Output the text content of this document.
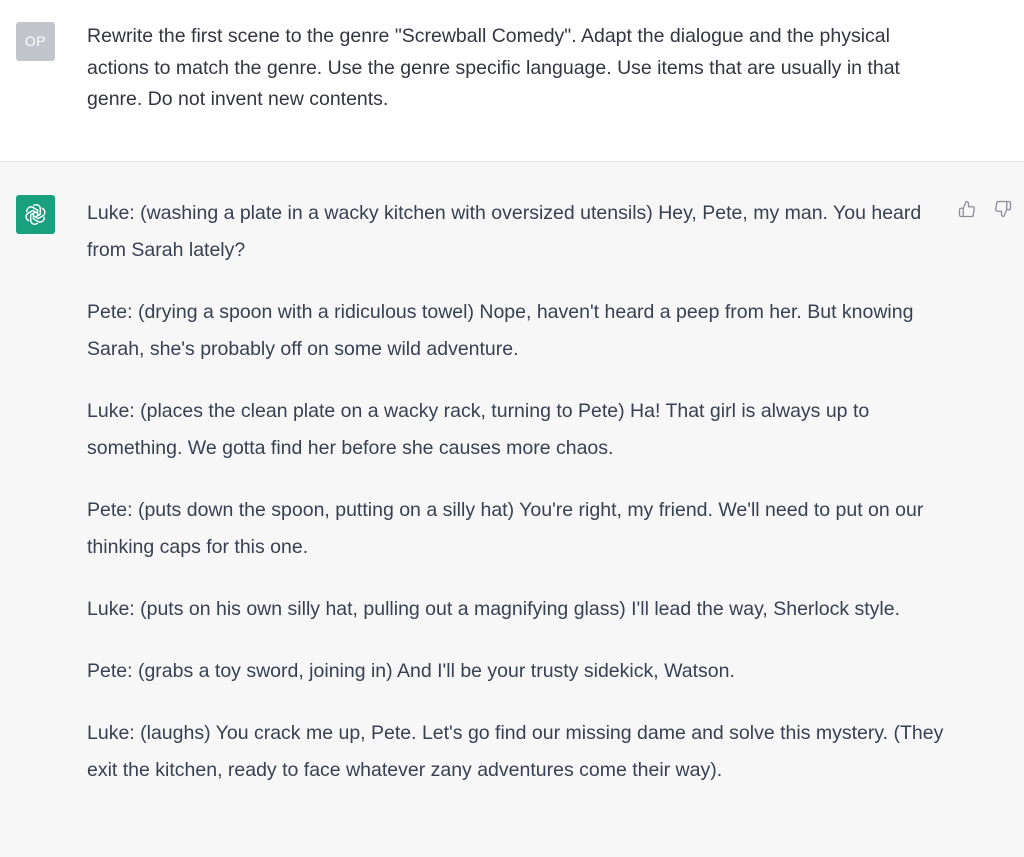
OP	Rewrite the first scene to the genre "Screwball Comedy". Adapt the dialogue and the physical actions to match the genre. Use the genre specific language. Use items that are usually in that genre. Do not invent new contents.

Luke: (washing a plate in a wacky kitchen with oversized utensils) Hey, Pete, my man. You heard from Sarah lately?

Pete: (drying a spoon with a ridiculous towel) Nope, haven't heard a peep from her. But knowing Sarah, she's probably off on some wild adventure.

Luke: (places the clean plate on a wacky rack, turning to Pete) Ha! That girl is always up to something. We gotta find her before she causes more chaos.

Pete: (puts down the spoon, putting on a silly hat) You're right, my friend. We'll need to put on our thinking caps for this one.

Luke: (puts on his own silly hat, pulling out a magnifying glass) I'll lead the way, Sherlock style.

Pete: (grabs a toy sword, joining in) And I'll be your trusty sidekick, Watson.

Luke: (laughs) You crack me up, Pete. Let's go find our missing dame and solve this mystery. (They exit the kitchen, ready to face whatever zany adventures come their way).
